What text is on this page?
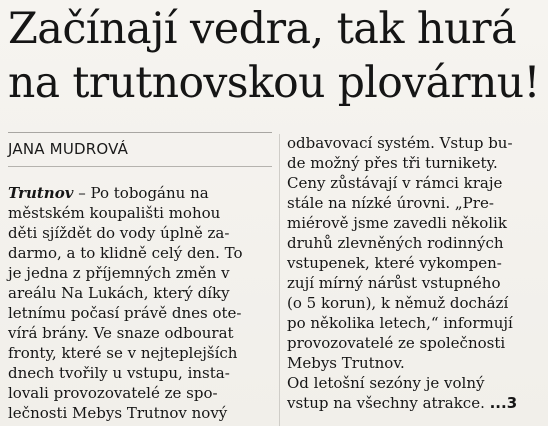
Začínají vedra, tak hurá
na trutnovskou plovárnu!
JANA MUDROVÁ
Trutnov – Po tobogánu na
městském koupališti mohou
děti sjíždět do vody úplně za-
darmo, a to klidně celý den. To
je jedna z příjemných změn v
areálu Na Lukách, který díky
letnímu počasí právě dnes ote-
vírá brány. Ve snaze odbourat
fronty, které se v nejteplejších
dnech tvořily u vstupu, insta-
lovali provozovatelé ze spo-
lečnosti Mebys Trutnov nový
odbavovací systém. Vstup bu-
de možný přes tři turnikety.
Ceny zůstávají v rámci kraje
stále na nízké úrovni. „Pre-
miérově jsme zavedli několik
druhů zlevněných rodinných
vstupenek, které vykompen-
zují mírný nárůst vstupného
(o 5 korun), k němuž dochází
po několika letech,“ informují
provozovatelé ze společnosti
Mebys Trutnov.
Od letošní sezóny je volný
vstup na všechny atrakce. ...3
